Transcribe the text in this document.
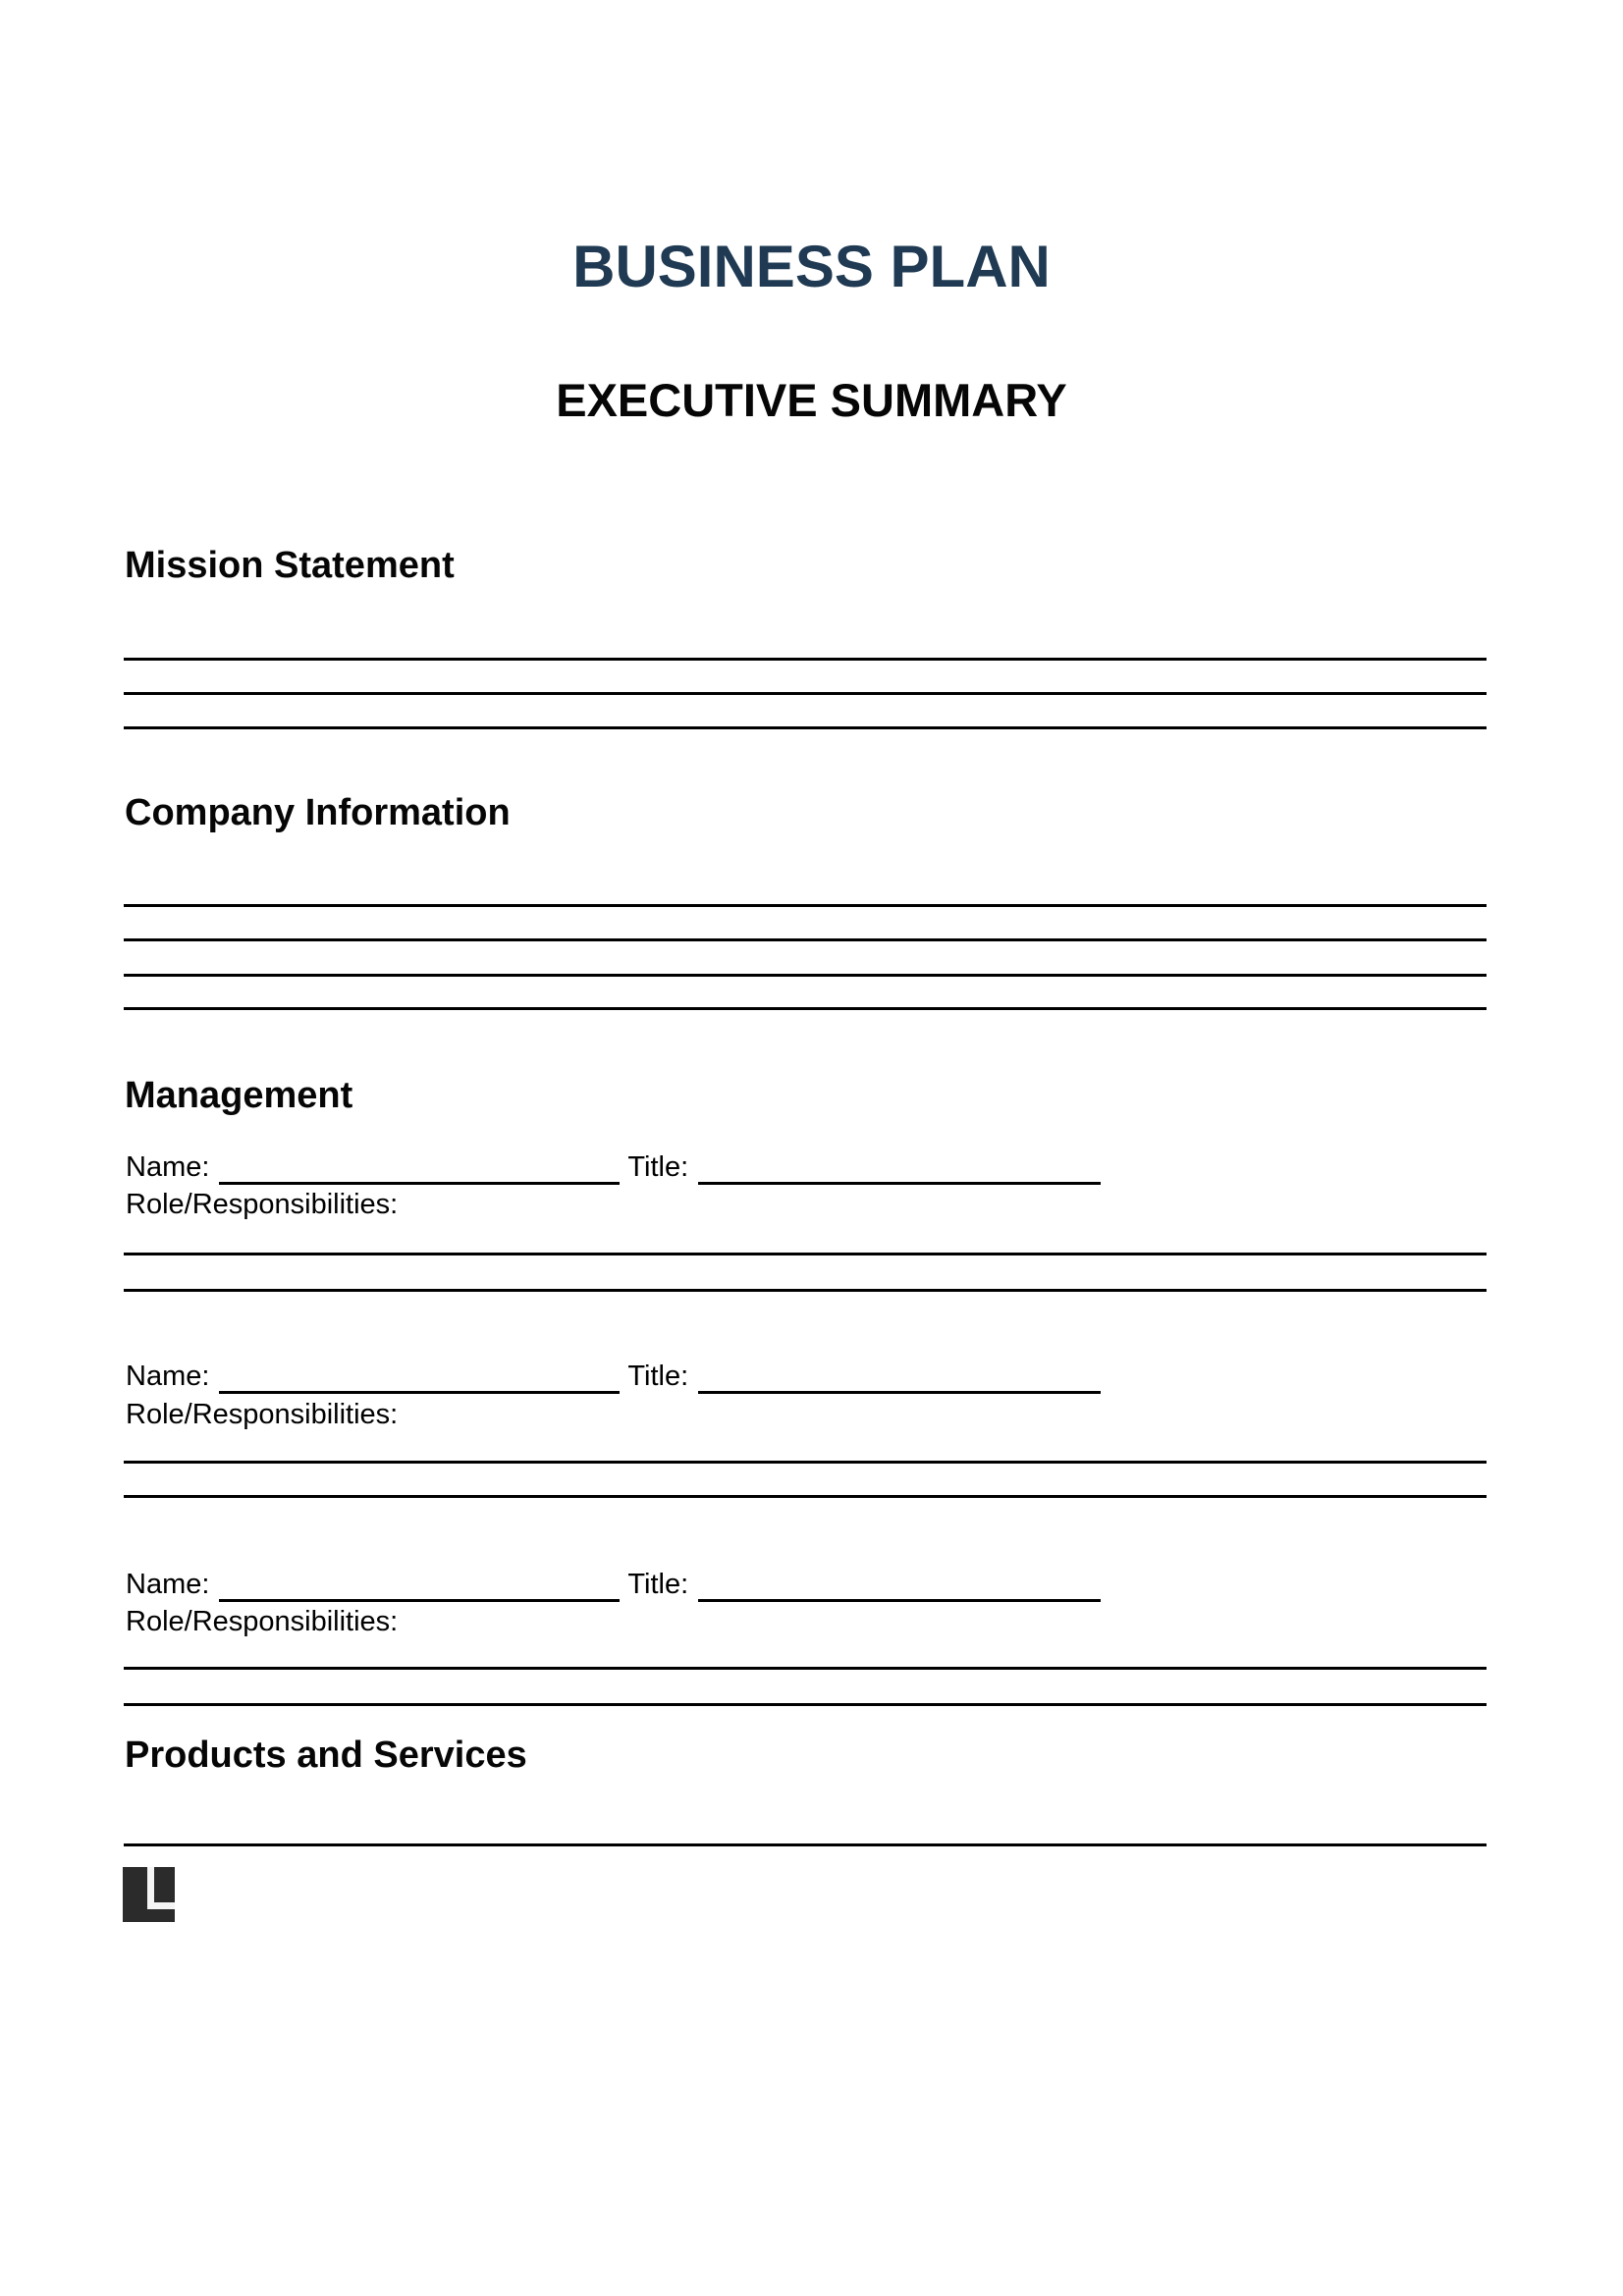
BUSINESS PLAN
EXECUTIVE SUMMARY
Mission Statement
Company Information
Management
Name:	Title:
Role/Responsibilities:
Name:	Title:
Role/Responsibilities:
Name:	Title:
Role/Responsibilities:
Products and Services
